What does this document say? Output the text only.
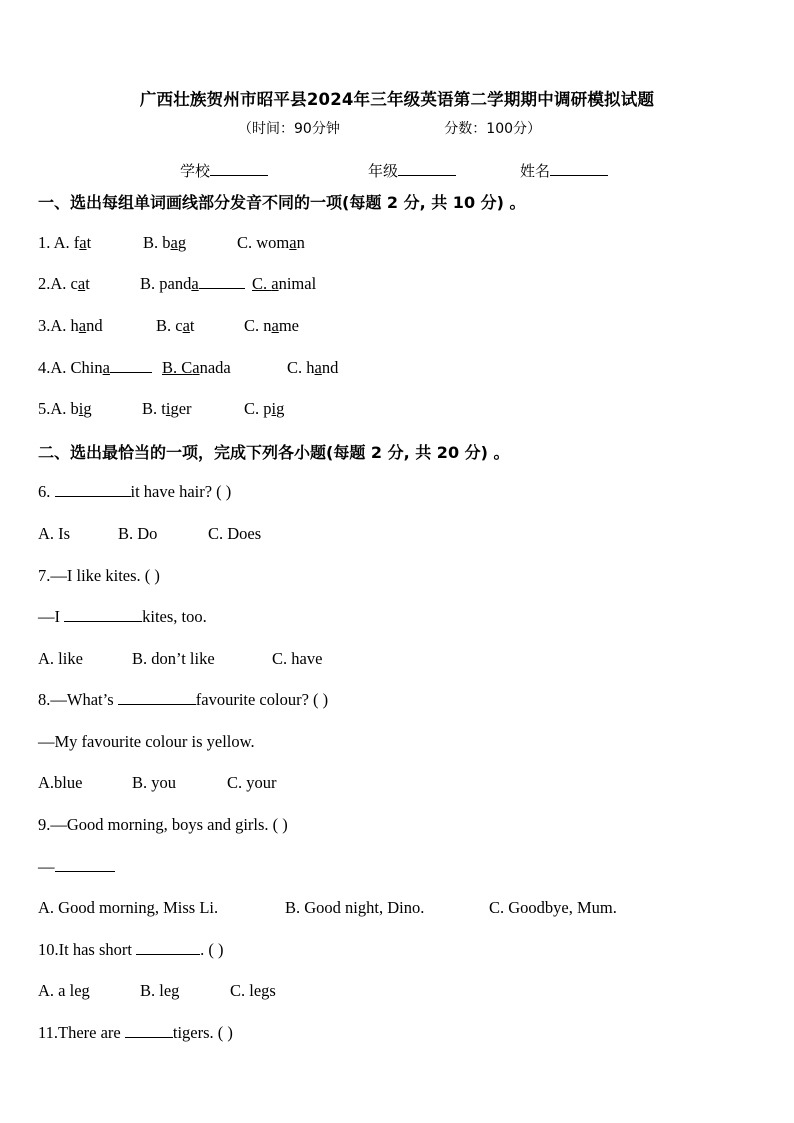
广西壮族贺州市昭平县2024年三年级英语第二学期期中调研模拟试题
（时间：90分钟	分数：100分）
学校	年级	姓名
一、选出每组单词画线部分发音不同的一项(每题 2 分, 共 10 分) 。
1. A. fat	B. bag	C. woman
2.A. cat	B. panda	C. animal
3.A. hand	B. cat	C. name
4.A. China	B. Canada	C. hand
5.A. big	B. tiger	C. pig
二、选出最恰当的一项，完成下列各小题(每题 2 分, 共 20 分) 。
6.	it have hair? ( )
A. Is	B. Do	C. Does
7.—I like kites. ( )
—I	kites, too.
A. like	B. don’t like	C. have
8.—What’s	favourite colour? ( )
—My favourite colour is yellow.
A.blue	B. you	C. your
9.—Good morning, boys and girls. ( )
—
A. Good morning, Miss Li.	B. Good night, Dino.	C. Goodbye, Mum.
10.It has short	. ( )
A. a leg	B. leg	C. legs
11.There are	tigers. ( )
